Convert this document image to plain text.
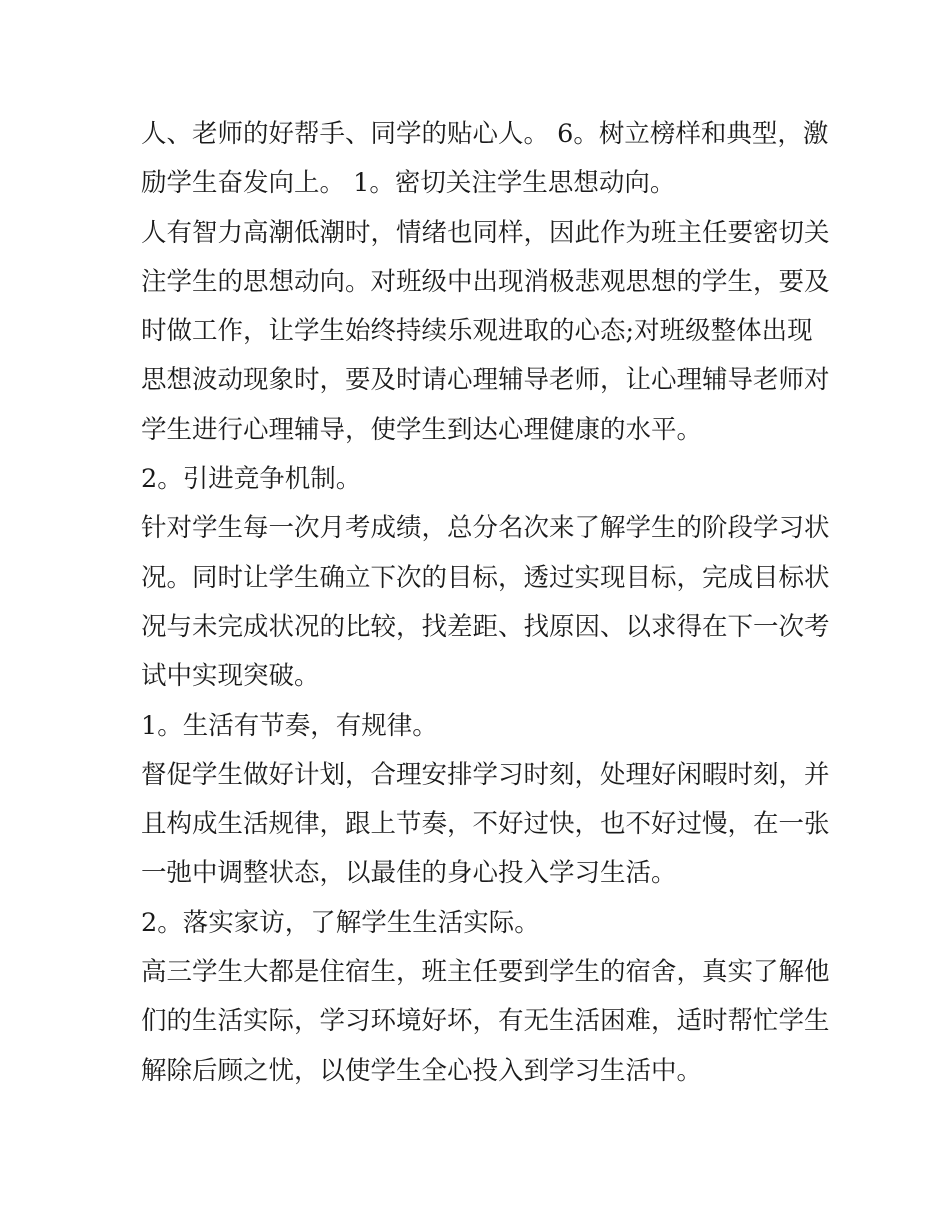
人、老师的好帮手、同学的贴心人。 6。树立榜样和典型，激
励学生奋发向上。 1。密切关注学生思想动向。
人有智力高潮低潮时，情绪也同样，因此作为班主任要密切关
注学生的思想动向。对班级中出现消极悲观思想的学生，要及
时做工作，让学生始终持续乐观进取的心态;对班级整体出现
思想波动现象时，要及时请心理辅导老师，让心理辅导老师对
学生进行心理辅导，使学生到达心理健康的水平。
2。引进竞争机制。
针对学生每一次月考成绩，总分名次来了解学生的阶段学习状
况。同时让学生确立下次的目标，透过实现目标，完成目标状
况与未完成状况的比较，找差距、找原因、以求得在下一次考
试中实现突破。
1。生活有节奏，有规律。
督促学生做好计划，合理安排学习时刻，处理好闲暇时刻，并
且构成生活规律，跟上节奏，不好过快，也不好过慢，在一张
一弛中调整状态，以最佳的身心投入学习生活。
2。落实家访，了解学生生活实际。
高三学生大都是住宿生，班主任要到学生的宿舍，真实了解他
们的生活实际，学习环境好坏，有无生活困难，适时帮忙学生
解除后顾之忧，以使学生全心投入到学习生活中。
